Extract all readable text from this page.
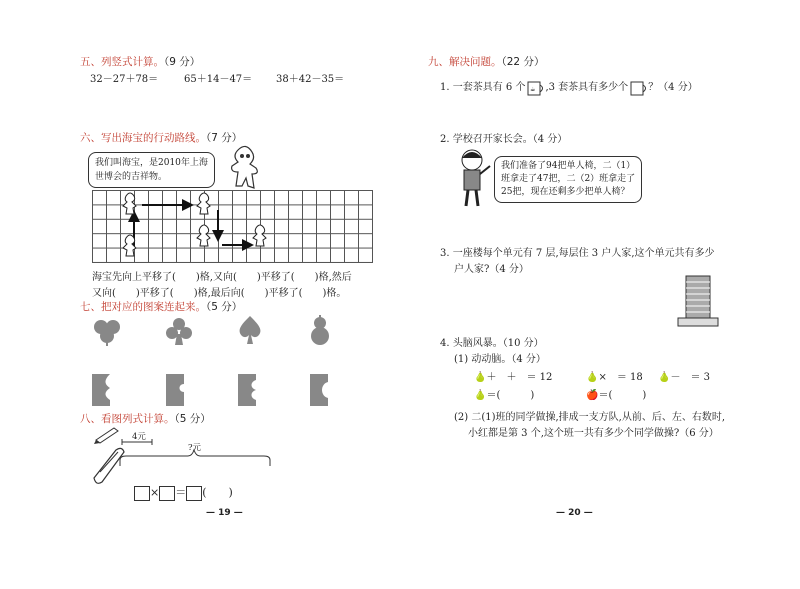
五、列竖式计算。（9 分）
32－27＋78＝	65＋14－47＝ 38＋42－35＝
六、写出海宝的行动路线。（7 分）
我们叫海宝，是2010年上海
世博会的吉祥物。
海宝先向上平移了(　　)格,又向(　　)平移了(　　)格,然后
又向(　　)平移了(　　)格,最后向(　　)平移了(　　)格。
七、把对应的图案连起来。（5 分）
八、看图列式计算。（5 分）
4元
?元
× ＝ (　　)
— 19 —
九、解决问题。（22 分）
1. 一套茶具有 6 个 ☕ ,3 套茶具有多少个 ？（4 分）
2. 学校召开家长会。（4 分）
我们准备了94把单人椅，二（1）
班拿走了47把，二（2）班拿走了
25把，现在还剩多少把单人椅？
3. 一座楼每个单元有 7 层,每层住 3 户人家,这个单元共有多少
户人家?（4 分）
4. 头脑风暴。（10 分）
(1) 动动脑。（4 分）
🍐＋　＋　＝ 12	🍐×　＝ 18 🍐－　＝ 3
🍐＝(　　　)	🍎＝(　　　)
(2) 二(1)班的同学做操,排成一支方队,从前、后、左、右数时,
小红都是第 3 个,这个班一共有多少个同学做操?（6 分）
— 20 —
